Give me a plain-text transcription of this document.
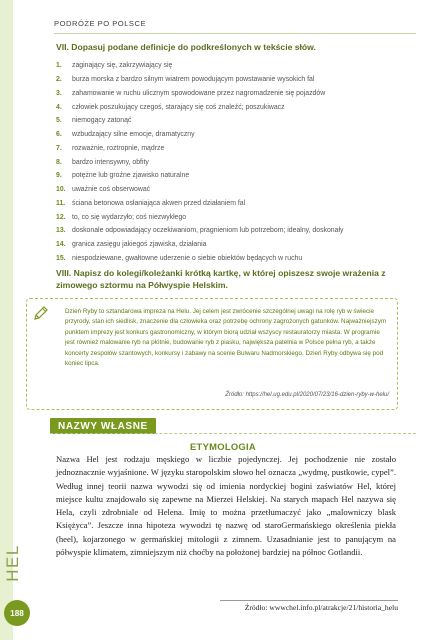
PODRÓŻE PO POLSCE
VII. Dopasuj podane definicje do podkreślonych w tekście słów.
1.	zaginający się, zakrzywiający się
2.	burza morska z bardzo silnym wiatrem powodującym powstawanie wysokich fal
3.	zahamowanie w ruchu ulicznym spowodowane przez nagromadzenie się pojazdów
4.	człowiek poszukujący czegoś, starający się coś znaleźć; poszukiwacz
5.	niemogący zatonąć
6.	wzbudzający silne emocje, dramatyczny
7.	rozważnie, roztropnie, mądrze
8.	bardzo intensywny, obfity
9.	potężne lub groźne zjawisko naturalne
10. uważnie coś obserwować
11. ściana betonowa osłaniająca akwen przed działaniem fal
12. to, co się wydarzyło; coś niezwykłego
13. doskonale odpowiadający oczekiwaniom, pragnieniom lub potrzebom; idealny, doskonały
14. granica zasięgu jakiegoś zjawiska, działania
15. niespodziewane, gwałtowne uderzenie o siebie obiektów będących w ruchu
VIII. Napisz do kolegi/koleżanki krótką kartkę, w której opiszesz swoje wrażenia z zimowego sztormu na Półwyspie Helskim.

Dzień Ryby to sztandarowa impreza na Helu. Jej celem jest zwrócenie szczególnej uwagi na rolę ryb w świecie przyrody, stan ich siedlisk, znaczenie dla człowieka oraz potrzebę ochrony zagrożonych gatunków. Najważniejszym punktem imprezy jest konkurs gastronomiczny, w którym biorą udział wszyscy restauratorzy miasta. W programie jest również malowanie ryb na płótnie, budowanie ryb z piasku, największa patelnia w Polsce pełna ryb, a także koncerty zespołów szantowych, konkursy i zabawy na scenie Bulwaru Nadmorskiego. Dzień Ryby odbywa się pod koniec lipca.

Źródło: https://hel.ug.edu.pl/2020/07/23/16-dzien-ryby-w-helu/
NAZWY WŁASNE
ETYMOLOGIA

Nazwa Hel jest rodzaju męskiego w liczbie pojedynczej. Jej pochodzenie nie zostało jednoznacznie wyjaśnione. W języku staropolskim słowo hel oznacza „wydmę, pustkowie, cypel”. Według innej teorii nazwa wywodzi się od imienia nordyckiej bogini zaświatów Hel, której miejsce kultu znajdowało się zapewne na Mierzei Helskiej. Na starych mapach Hel nazywa się Hela, czyli zdrobniale od Helena. Imię to można przetłumaczyć jako „malowniczy blask Księżyca”. Jeszcze inna hipoteza wywodzi tę nazwę od staroGermańskiego określenia piekła (heel), kojarzonego w germańskiej mitologii z zimnem. Uzasadnianie jest to panującym na półwyspie klimatem, zimniejszym niż choćby na położonej bardziej na północ Gotlandii.

Źródło: wwwchel.info.pl/atrakcje/21/historia_helu
HEL
188
